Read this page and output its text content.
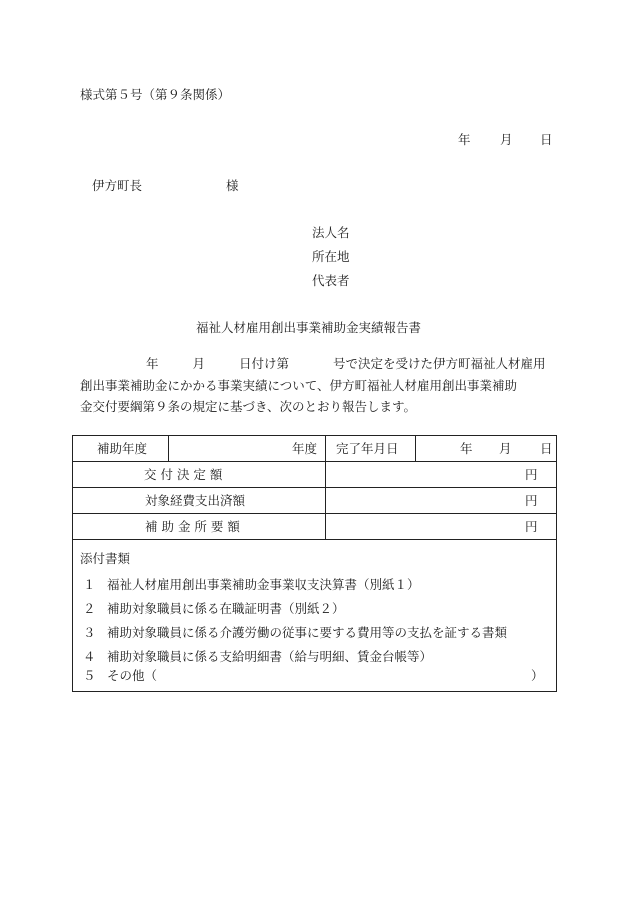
様式第５号（第９条関係）
年 月 日
伊方町長	様
法人名
所在地
代表者
福祉人材雇用創出事業補助金実績報告書
年	月	日付け第	号で決定を受けた伊方町福祉人材雇用
創出事業補助金にかかる事業実績について、伊方町福祉人材雇用創出事業補助
金交付要綱第９条の規定に基づき、次のとおり報告します。
補助年度	年度 完了年月日	年 月 日
交 付 決 定 額	円
対象経費支出済額	円
補 助 金 所 要 額	円
添付書類
１ 福祉人材雇用創出事業補助金事業収支決算書（別紙１）
２ 補助対象職員に係る在職証明書（別紙２）
３ 補助対象職員に係る介護労働の従事に要する費用等の支払を証する書類
４ 補助対象職員に係る支給明細書（給与明細、賃金台帳等）
５ その他（	）
